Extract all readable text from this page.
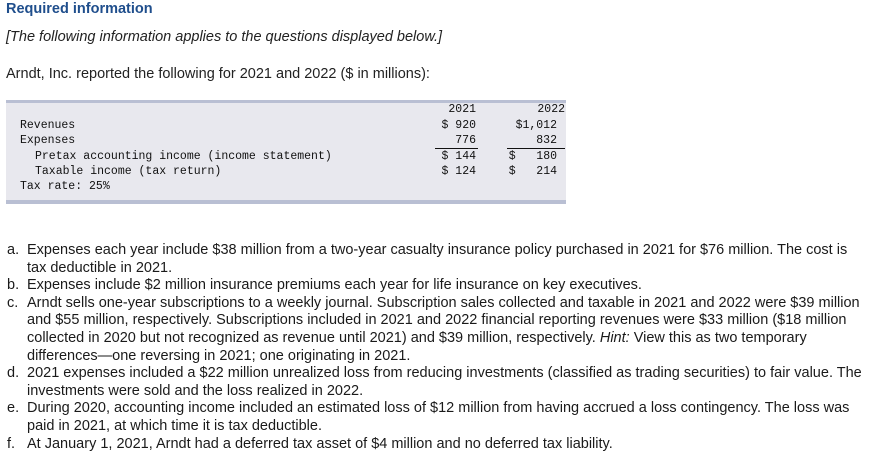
Required information
[The following information applies to the questions displayed below.]
Arndt, Inc. reported the following for 2021 and 2022 ($ in millions):
2021	2022
Revenues	$ 920	$1,012
Expenses	776	832
Pretax accounting income (income statement)	$ 144	$   180
Taxable income (tax return)	$ 124	$   214
Tax rate: 25%
a. Expenses each year include $38 million from a two-year casualty insurance policy purchased in 2021 for $76 million. The cost is tax deductible in 2021.
b. Expenses include $2 million insurance premiums each year for life insurance on key executives.
c. Arndt sells one-year subscriptions to a weekly journal. Subscription sales collected and taxable in 2021 and 2022 were $39 million and $55 million, respectively. Subscriptions included in 2021 and 2022 financial reporting revenues were $33 million ($18 million collected in 2020 but not recognized as revenue until 2021) and $39 million, respectively. Hint: View this as two temporary differences—one reversing in 2021; one originating in 2021.
d. 2021 expenses included a $22 million unrealized loss from reducing investments (classified as trading securities) to fair value. The investments were sold and the loss realized in 2022.
e. During 2020, accounting income included an estimated loss of $12 million from having accrued a loss contingency. The loss was paid in 2021, at which time it is tax deductible.
f. At January 1, 2021, Arndt had a deferred tax asset of $4 million and no deferred tax liability.
